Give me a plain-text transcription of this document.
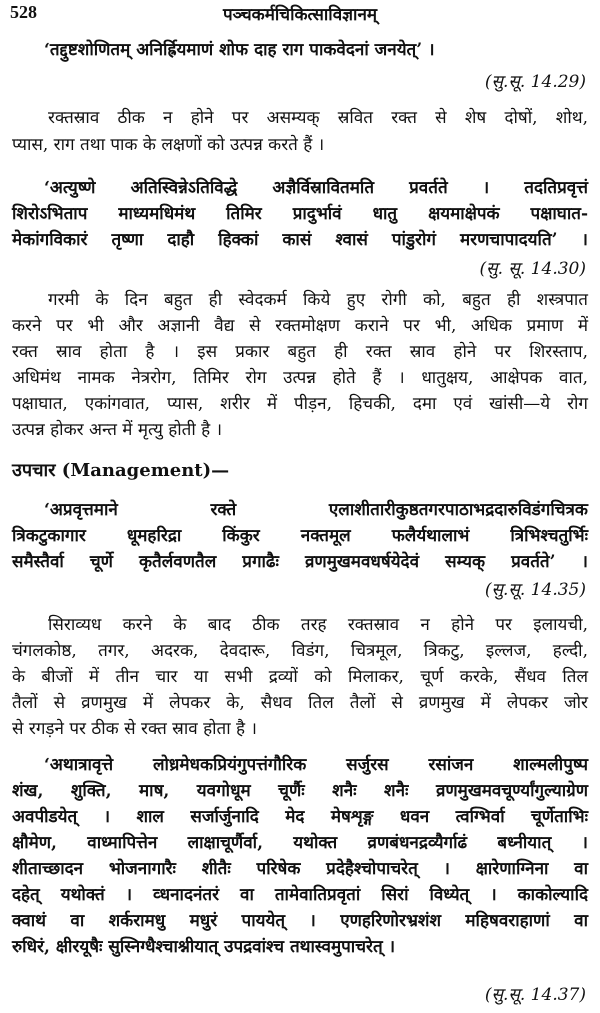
528	पञ्चकर्मचिकित्साविज्ञानम्
‘तद्दुष्टशोणितम् अनिर्ह्रियमाणं शोफ दाह राग पाकवेदनां जनयेत्’ ।
(सु.सू. 14.29)
रक्तस्राव ठीक न होने पर असम्यक् स्रवित रक्त से शेष दोषों, शोथ,
प्यास, राग तथा पाक के लक्षणों को उत्पन्न करते हैं ।
‘अत्युष्णे अतिस्विन्नेऽतिविद्धे अज्ञैर्विस्रावितमति प्रवर्तते । तदतिप्रवृत्तं
शिरोऽभिताप माध्यमधिमंथ तिमिर प्रादुर्भावं धातु क्षयमाक्षेपकं पक्षाघात-
मेकांगविकारं तृष्णा दाहौ हिक्कां कासं श्वासं पांडुरोगं मरणचापादयति’ ।
(सु. सू. 14.30)
गरमी के दिन बहुत ही स्वेदकर्म किये हुए रोगी को, बहुत ही शस्त्रपात
करने पर भी और अज्ञानी वैद्य से रक्तमोक्षण कराने पर भी, अधिक प्रमाण में
रक्त स्राव होता है । इस प्रकार बहुत ही रक्त स्राव होने पर शिरस्ताप,
अधिमंथ नामक नेत्ररोग, तिमिर रोग उत्पन्न होते हैं । धातुक्षय, आक्षेपक वात,
पक्षाघात, एकांगवात, प्यास, शरीर में पीड़न, हिचकी, दमा एवं खांसी—ये रोग
उत्पन्न होकर अन्त में मृत्यु होती है ।
उपचार (Management)—
‘अप्रवृत्तमाने रक्ते एलाशीतारीकुष्ठतगरपाठाभद्रदारुविडंगचित्रक
त्रिकटुकागार धूमहरिद्रा किंकुर नक्तमूल फलैर्यथालाभं त्रिभिश्चतुर्भिः
समैस्तैर्वा चूर्णे कृतैर्लवणतैल प्रगाढैः व्रणमुखमवधर्षयेदेवं सम्यक् प्रवर्तते’ ।
(सु.सू. 14.35)
सिराव्यध करने के बाद ठीक तरह रक्तस्राव न होने पर इलायची,
चंगलकोष्ठ, तगर, अदरक, देवदारू, विडंग, चित्रमूल, त्रिकटु, इल्लज, हल्दी,
के बीजों में तीन चार या सभी द्रव्यों को मिलाकर, चूर्ण करके, सैंधव तिल
तैलों से व्रणमुख में लेपकर के, सैधव तिल तैलों से व्रणमुख में लेपकर जोर
से रगड़ने पर ठीक से रक्त स्राव होता है ।
‘अथात्रावृत्ते लोध्रमेधकप्रियंगुपत्तंगौरिक सर्जुरस रसांजन शाल्मलीपुष्प
शंख, शुक्ति, माष, यवगोधूम चूर्णैः शनैः शनैः व्रणमुखमवचूर्ण्यांगुल्याग्रेण
अवपीडयेत् । शाल सर्जार्जुनादि मेद मेषशृङ्ग धवन त्वग्भिर्वा चूर्णेताभिः
क्षौमेण, वाध्मापित्तेन लाक्षाचूर्णैर्वा, यथोक्त व्रणबंधनद्रव्यैर्गाढं बध्नीयात् ।
शीताच्छादन भोजनागारैः शीतैः परिषेक प्रदेहैश्चोपाचरेत् । क्षारेणाग्निना वा
दहेत् यथोक्तं । व्धनादनंतरं वा तामेवातिप्रवृतां सिरां विध्येत् । काकोल्यादि
क्वाथं वा शर्करामधु मधुरं पाययेत् । एणहरिणोरभ्रशंश महिषवराहाणां वा
रुधिरं, क्षीरयूषैः सुस्निग्धैश्चाश्नीयात् उपद्रवांश्च तथास्वमुपाचरेत् ।
(सु.सू. 14.37)
